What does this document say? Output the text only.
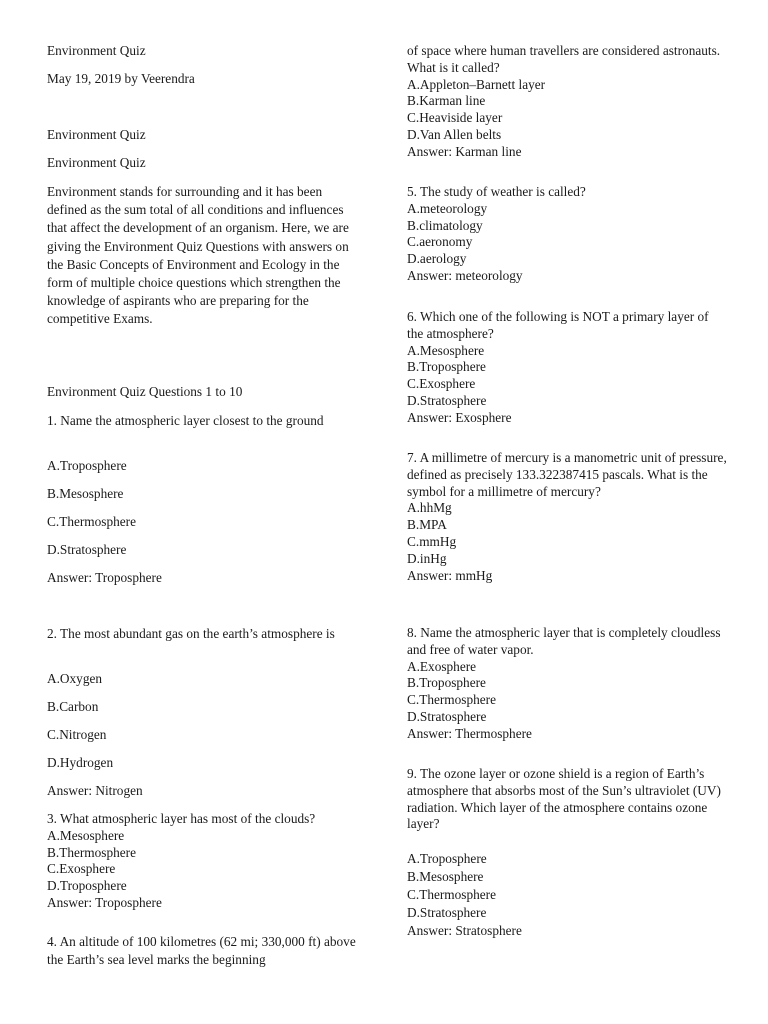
Environment Quiz
May 19, 2019 by Veerendra
Environment Quiz
Environment Quiz
Environment stands for surrounding and it has been defined as the sum total of all conditions and influences that affect the development of an organism. Here, we are giving the Environment Quiz Questions with answers on the Basic Concepts of Environment and Ecology in the form of multiple choice questions which strengthen the knowledge of aspirants who are preparing for the competitive Exams.
Environment Quiz Questions 1 to 10
1. Name the atmospheric layer closest to the ground
A.Troposphere
B.Mesosphere
C.Thermosphere
D.Stratosphere
Answer: Troposphere
2. The most abundant gas on the earth’s atmosphere is
A.Oxygen
B.Carbon
C.Nitrogen
D.Hydrogen
Answer: Nitrogen
3. What atmospheric layer has most of the clouds?
A.Mesosphere
B.Thermosphere
C.Exosphere
D.Troposphere
Answer: Troposphere
4. An altitude of 100 kilometres (62 mi; 330,000 ft) above the Earth’s sea level marks the beginning
of space where human travellers are considered astronauts. What is it called?
A.Appleton–Barnett layer
B.Karman line
C.Heaviside layer
D.Van Allen belts
Answer: Karman line
5. The study of weather is called?
A.meteorology
B.climatology
C.aeronomy
D.aerology
Answer: meteorology
6. Which one of the following is NOT a primary layer of the atmosphere?
A.Mesosphere
B.Troposphere
C.Exosphere
D.Stratosphere
Answer: Exosphere
7. A millimetre of mercury is a manometric unit of pressure, defined as precisely 133.322387415 pascals. What is the symbol for a millimetre of mercury?
A.hhMg
B.MPA
C.mmHg
D.inHg
Answer: mmHg
8. Name the atmospheric layer that is completely cloudless and free of water vapor.
A.Exosphere
B.Troposphere
C.Thermosphere
D.Stratosphere
Answer: Thermosphere
9. The ozone layer or ozone shield is a region of Earth’s atmosphere that absorbs most of the Sun’s ultraviolet (UV) radiation. Which layer of the atmosphere contains ozone layer?
A.Troposphere
B.Mesosphere
C.Thermosphere
D.Stratosphere
Answer: Stratosphere
